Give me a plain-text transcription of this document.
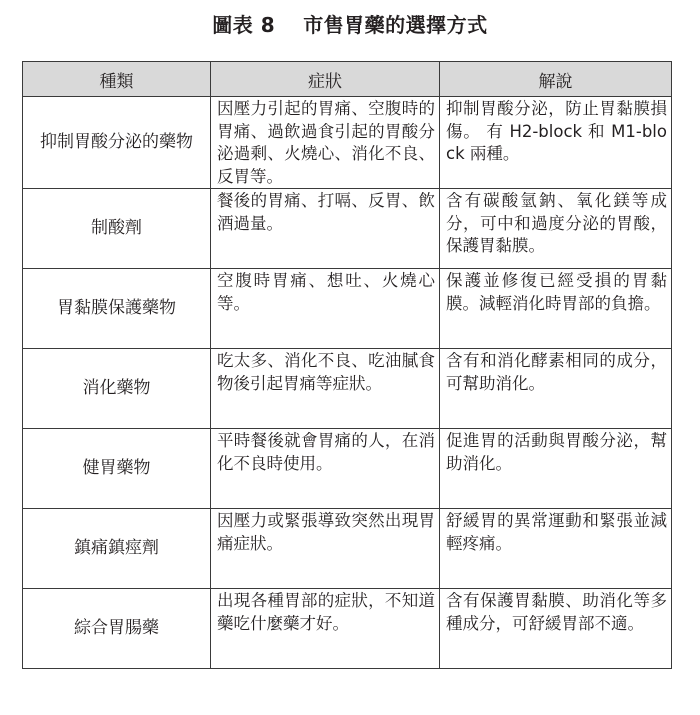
圖表 8 市售胃藥的選擇方式
種類	症狀	解說
抑制胃酸分泌的藥物	因壓力引起的胃痛、空腹時的胃痛、過飲過食引起的胃酸分泌過剩、火燒心、消化不良、反胃等。	抑制胃酸分泌，防止胃黏膜損傷。 有 H2-block 和 M1-block 兩種。

制酸劑	餐後的胃痛、打嗝、反胃、飲酒過量。	含有碳酸氫鈉、氧化鎂等成分，可中和過度分泌的胃酸，保護胃黏膜。

胃黏膜保護藥物	空腹時胃痛、想吐、火燒心等。	保護並修復已經受損的胃黏膜。減輕消化時胃部的負擔。

消化藥物	吃太多、消化不良、吃油膩食物後引起胃痛等症狀。	含有和消化酵素相同的成分，可幫助消化。

健胃藥物	平時餐後就會胃痛的人，在消化不良時使用。	促進胃的活動與胃酸分泌，幫助消化。

鎮痛鎮痙劑	因壓力或緊張導致突然出現胃痛症狀。	舒緩胃的異常運動和緊張並減輕疼痛。

綜合胃腸藥	出現各種胃部的症狀，不知道藥吃什麼藥才好。	含有保護胃黏膜、助消化等多種成分，可舒緩胃部不適。
